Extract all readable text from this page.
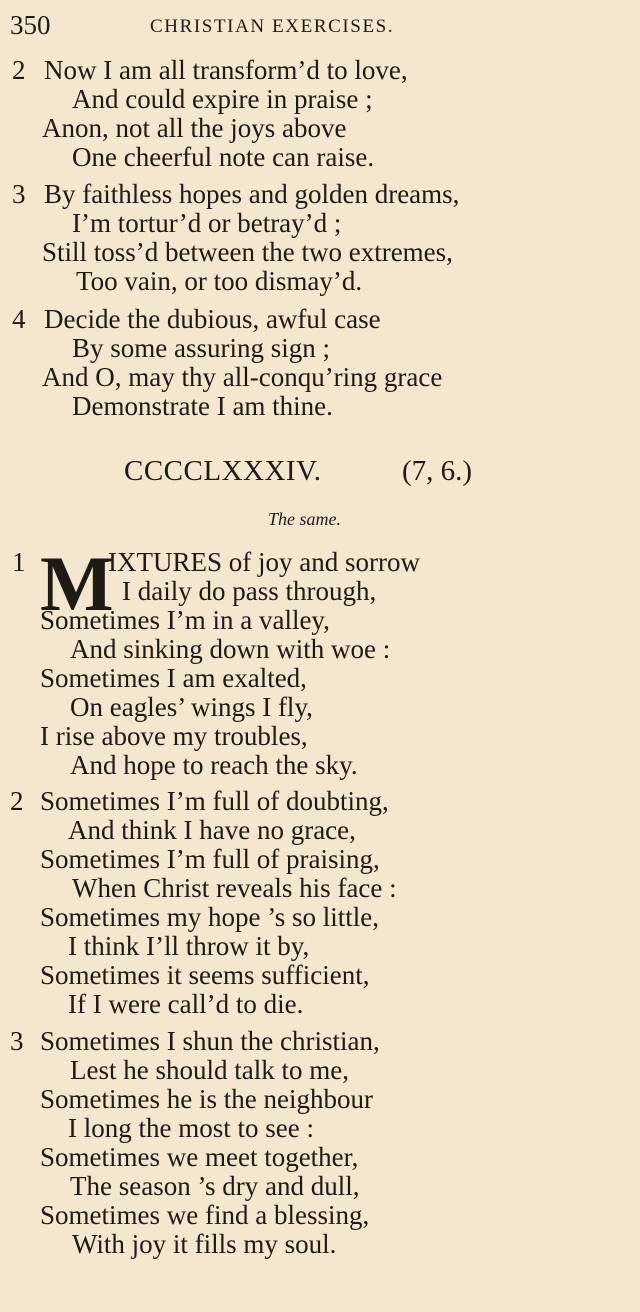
350	CHRISTIAN EXERCISES.
2 Now I am all transform’d to love,
And could expire in praise ;
Anon, not all the joys above
One cheerful note can raise.
3 By faithless hopes and golden dreams,
I’m tortur’d or betray’d ;
Still toss’d between the two extremes,
Too vain, or too dismay’d.
4 Decide the dubious, awful case
By some assuring sign ;
And O, may thy all-conqu’ring grace
Demonstrate I am thine.
CCCCLXXXIV.	(7, 6.)
The same.
M
1	IXTURES of joy and sorrow
I daily do pass through,
Sometimes I’m in a valley,
And sinking down with woe :
Sometimes I am exalted,
On eagles’ wings I fly,
I rise above my troubles,
And hope to reach the sky.
2 Sometimes I’m full of doubting,
And think I have no grace,
Sometimes I’m full of praising,
When Christ reveals his face :
Sometimes my hope ’s so little,
I think I’ll throw it by,
Sometimes it seems sufficient,
If I were call’d to die.
3 Sometimes I shun the christian,
Lest he should talk to me,
Sometimes he is the neighbour
I long the most to see :
Sometimes we meet together,
The season ’s dry and dull,
Sometimes we find a blessing,
With joy it fills my soul.
